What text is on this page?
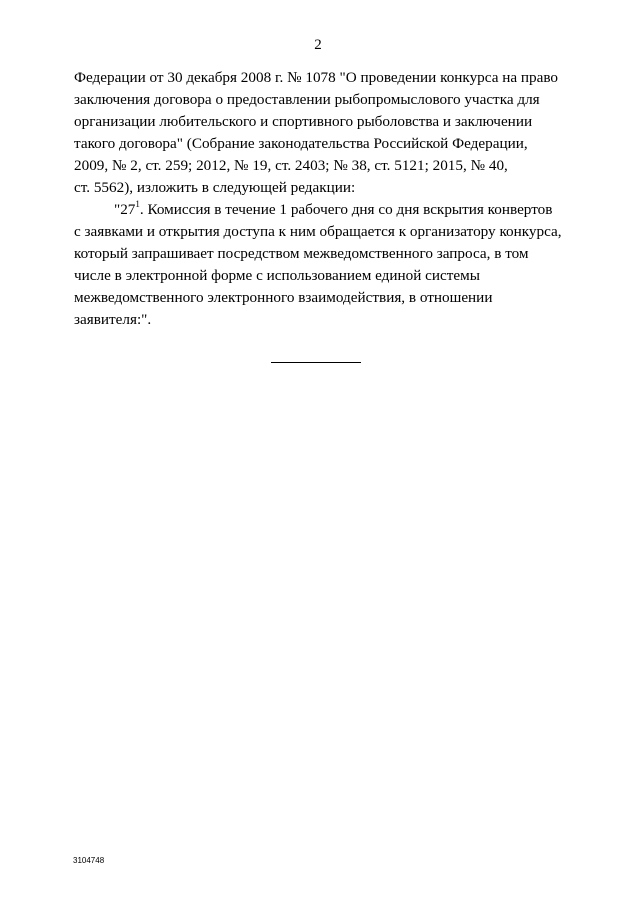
2
Федерации от 30 декабря 2008 г. № 1078 "О проведении конкурса на право
заключения договора о предоставлении рыбопромыслового участка для
организации любительского и спортивного рыболовства и заключении
такого договора" (Собрание законодательства Российской Федерации,
2009, № 2, ст. 259; 2012, № 19, ст. 2403; № 38, ст. 5121; 2015, № 40,
ст. 5562), изложить в следующей редакции:
"$27^1$. Комиссия в течение 1 рабочего дня со дня вскрытия конвертов
с заявками и открытия доступа к ним обращается к организатору конкурса,
который запрашивает посредством межведомственного запроса, в том
числе в электронной форме с использованием единой системы
межведомственного электронного взаимодействия, в отношении
заявителя:".
3104748
